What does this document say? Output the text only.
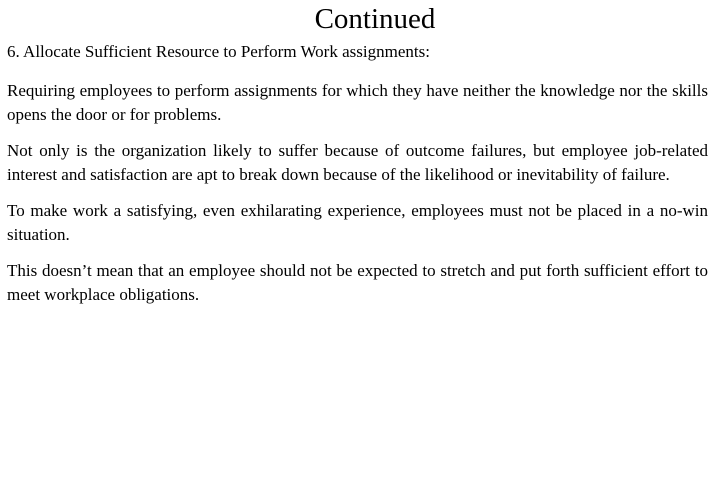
Continued

6. Allocate Sufficient Resource to Perform Work assignments:

Requiring employees to perform assignments for which they have neither the knowledge nor the skills opens the door or for problems.

Not only is the organization likely to suffer because of outcome failures, but employee job-related interest and satisfaction are apt to break down because of the likelihood or inevitability of failure.

To make work a satisfying, even exhilarating experience, employees must not be placed in a no-win situation.

This doesn’t mean that an employee should not be expected to stretch and put forth sufficient effort to meet workplace obligations.
